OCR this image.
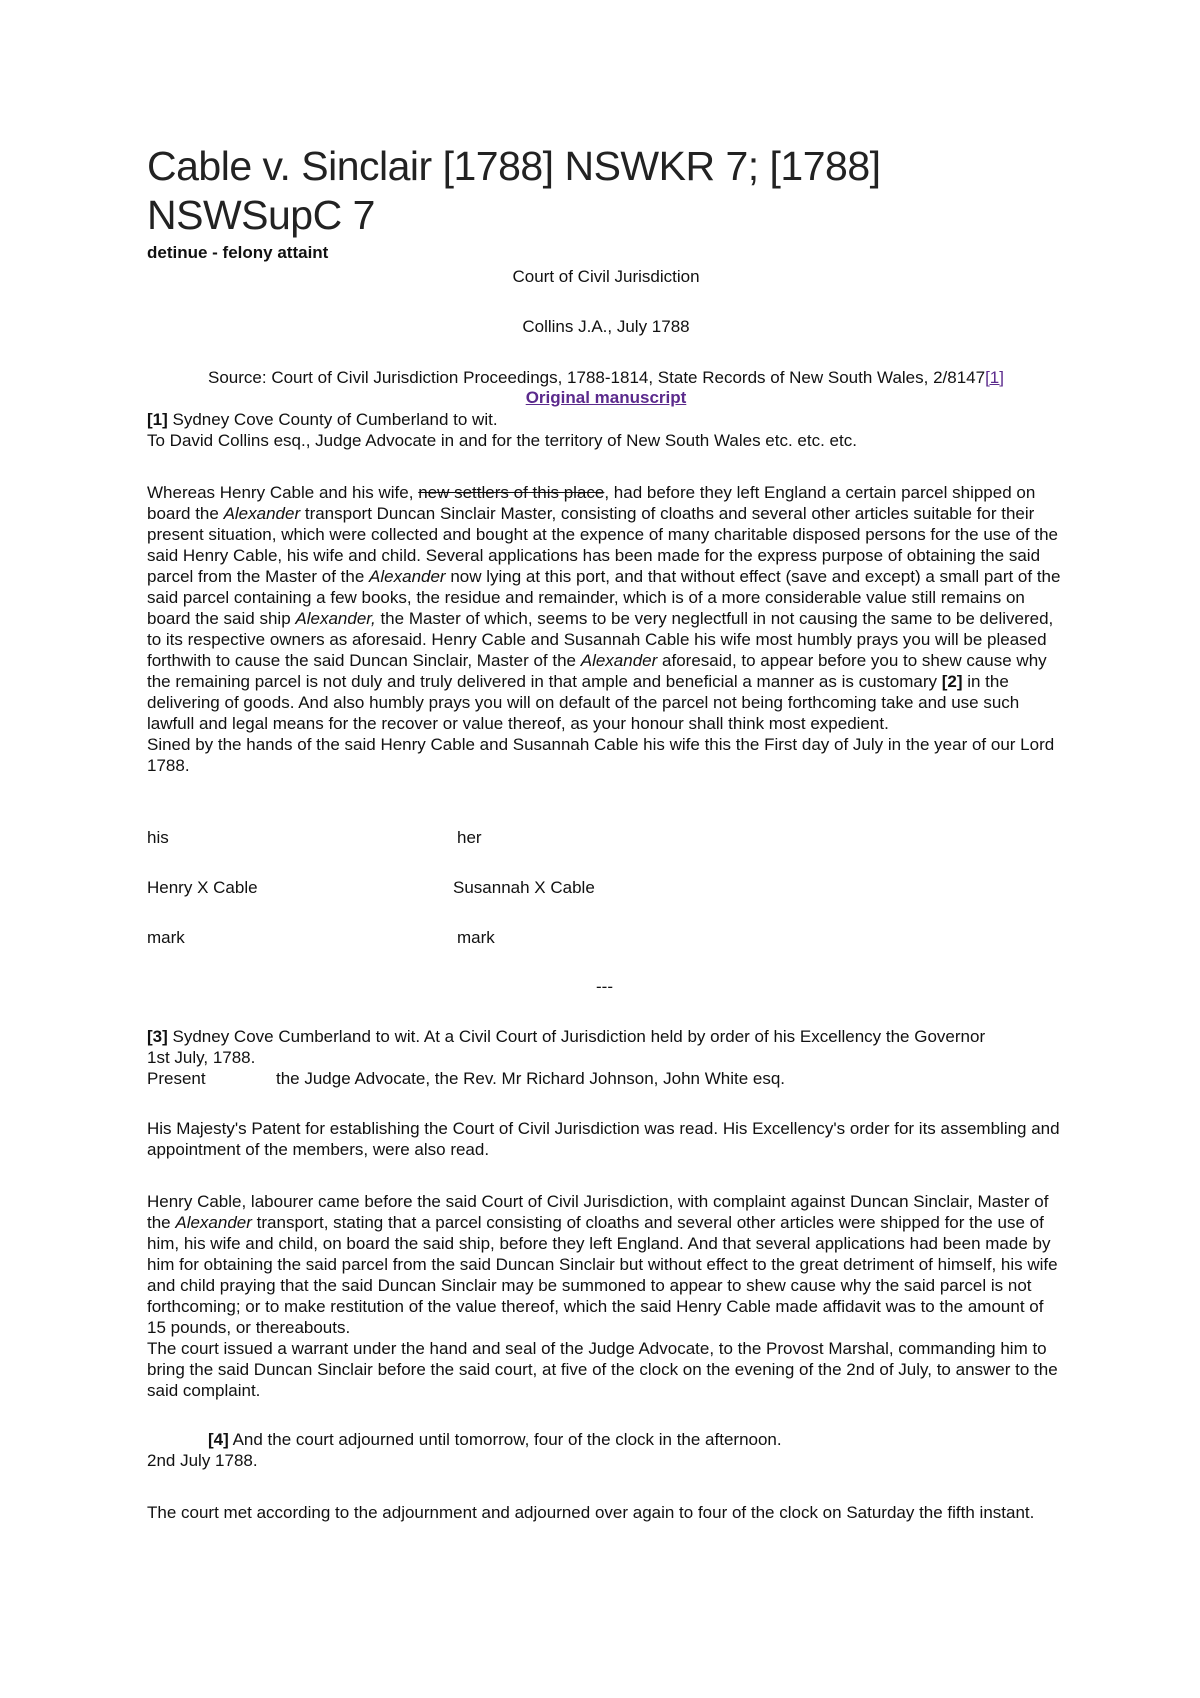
Cable v. Sinclair [1788] NSWKR 7; [1788] NSWSupC 7
detinue - felony attaint
Court of Civil Jurisdiction
Collins J.A., July 1788
Source: Court of Civil Jurisdiction Proceedings, 1788-1814, State Records of New South Wales, 2/8147[1]
Original manuscript
[1] Sydney Cove County of Cumberland to wit.
To David Collins esq., Judge Advocate in and for the territory of New South Wales etc. etc. etc.
Whereas Henry Cable and his wife, new settlers of this place, had before they left England a certain parcel shipped on board the Alexander transport Duncan Sinclair Master, consisting of cloaths and several other articles suitable for their present situation, which were collected and bought at the expence of many charitable disposed persons for the use of the said Henry Cable, his wife and child. Several applications has been made for the express purpose of obtaining the said parcel from the Master of the Alexander now lying at this port, and that without effect (save and except) a small part of the said parcel containing a few books, the residue and remainder, which is of a more considerable value still remains on board the said ship Alexander, the Master of which, seems to be very neglectfull in not causing the same to be delivered, to its respective owners as aforesaid. Henry Cable and Susannah Cable his wife most humbly prays you will be pleased forthwith to cause the said Duncan Sinclair, Master of the Alexander aforesaid, to appear before you to shew cause why the remaining parcel is not duly and truly delivered in that ample and beneficial a manner as is customary [2] in the delivering of goods. And also humbly prays you will on default of the parcel not being forthcoming take and use such lawfull and legal means for the recover or value thereof, as your honour shall think most expedient.
Sined by the hands of the said Henry Cable and Susannah Cable his wife this the First day of July in the year of our Lord 1788.
his	her
Henry X Cable	Susannah X Cable
mark	mark
---
[3] Sydney Cove Cumberland to wit. At a Civil Court of Jurisdiction held by order of his Excellency the Governor
1st July, 1788.
Present	the Judge Advocate, the Rev. Mr Richard Johnson, John White esq.
His Majesty's Patent for establishing the Court of Civil Jurisdiction was read. His Excellency's order for its assembling and appointment of the members, were also read.
Henry Cable, labourer came before the said Court of Civil Jurisdiction, with complaint against Duncan Sinclair, Master of the Alexander transport, stating that a parcel consisting of cloaths and several other articles were shipped for the use of him, his wife and child, on board the said ship, before they left England. And that several applications had been made by him for obtaining the said parcel from the said Duncan Sinclair but without effect to the great detriment of himself, his wife and child praying that the said Duncan Sinclair may be summoned to appear to shew cause why the said parcel is not forthcoming; or to make restitution of the value thereof, which the said Henry Cable made affidavit was to the amount of 15 pounds, or thereabouts.
The court issued a warrant under the hand and seal of the Judge Advocate, to the Provost Marshal, commanding him to bring the said Duncan Sinclair before the said court, at five of the clock on the evening of the 2nd of July, to answer to the said complaint.
[4] And the court adjourned until tomorrow, four of the clock in the afternoon.
2nd July 1788.
The court met according to the adjournment and adjourned over again to four of the clock on Saturday the fifth instant.
